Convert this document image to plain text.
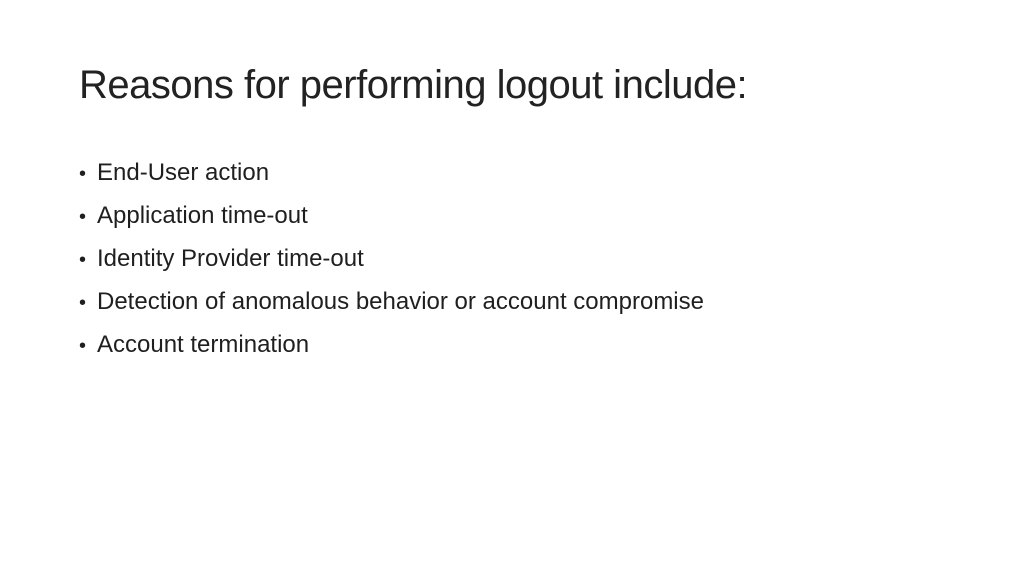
Reasons for performing logout include:
• End-User action
• Application time-out
• Identity Provider time-out
• Detection of anomalous behavior or account compromise
• Account termination
